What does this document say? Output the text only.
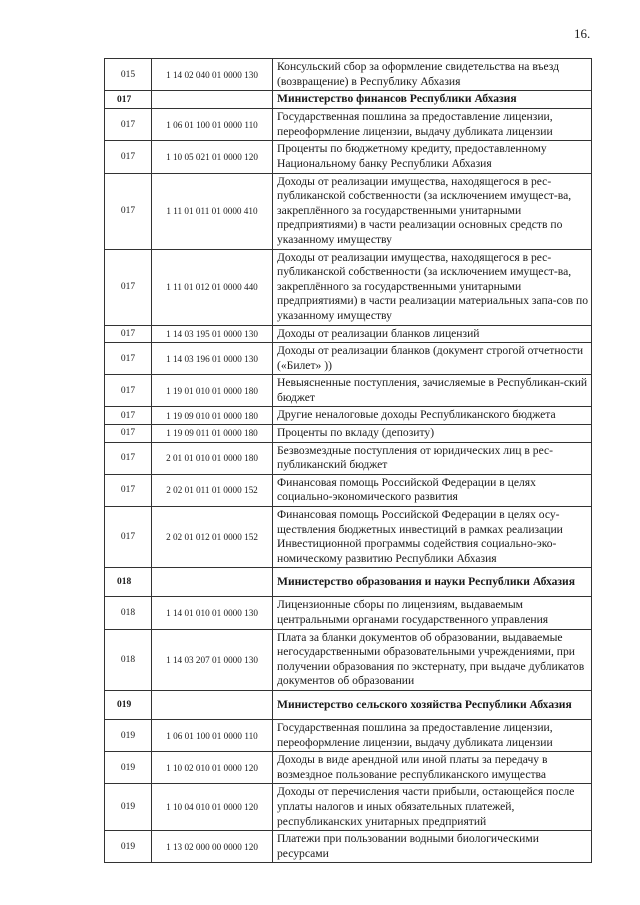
16.
015	1 14 02 040 01 0000 130	Консульский сбор за оформление свидетельства на въезд (возвращение) в Республику Абхазия
017		Министерство финансов Республики Абхазия
017	1 06 01 100 01 0000 110	Государственная пошлина за предоставление лицензии, переоформление лицензии, выдачу дубликата лицензии
017	1 10 05 021 01 0000 120	Проценты по бюджетному кредиту, предоставленному Национальному банку Республики Абхазия
017	1 11 01 011 01 0000 410	Доходы от реализации имущества, находящегося в рес-публиканской собственности (за исключением имущест-ва, закреплённого за государственными унитарными предприятиями) в части реализации основных средств по указанному имуществу
017	1 11 01 012 01 0000 440	Доходы от реализации имущества, находящегося в рес-публиканской собственности (за исключением имущест-ва, закреплённого за государственными унитарными предприятиями) в части реализации материальных запа-сов по указанному имуществу
017	1 14 03 195 01 0000 130	Доходы от реализации бланков лицензий
017	1 14 03 196 01 0000 130	Доходы от реализации бланков (документ строгой отчетности («Билет» ))
017	1 19 01 010 01 0000 180	Невыясненные поступления, зачисляемые в Республикан-ский бюджет
017	1 19 09 010 01 0000 180	Другие неналоговые доходы Республиканского бюджета
017	1 19 09 011 01 0000 180	Проценты по вкладу (депозиту)
017	2 01 01 010 01 0000 180	Безвозмездные поступления от юридических лиц в рес-публиканский бюджет
017	2 02 01 011 01 0000 152	Финансовая помощь Российской Федерации в целях социально-экономического развития
017	2 02 01 012 01 0000 152	Финансовая помощь Российской Федерации в целях осу-ществления бюджетных инвестиций в рамках реализации Инвестиционной программы содействия социально-эко-номическому развитию Республики Абхазия
018		Министерство образования и науки Республики Абхазия
018	1 14 01 010 01 0000 130	Лицензионные сборы по лицензиям, выдаваемым центральными органами государственного управления
018	1 14 03 207 01 0000 130	Плата за бланки документов об образовании, выдаваемые негосударственными образовательными учреждениями, при получении образования по экстернату, при выдаче дубликатов документов об образовании
019		Министерство сельского хозяйства Республики Абхазия
019	1 06 01 100 01 0000 110	Государственная пошлина за предоставление лицензии, переоформление лицензии, выдачу дубликата лицензии
019	1 10 02 010 01 0000 120	Доходы в виде арендной или иной платы за передачу в возмездное пользование республиканского имущества
019	1 10 04 010 01 0000 120	Доходы от перечисления части прибыли, остающейся после уплаты налогов и иных обязательных платежей, республиканских унитарных предприятий
019	1 13 02 000 00 0000 120	Платежи при пользовании водными биологическими ресурсами
